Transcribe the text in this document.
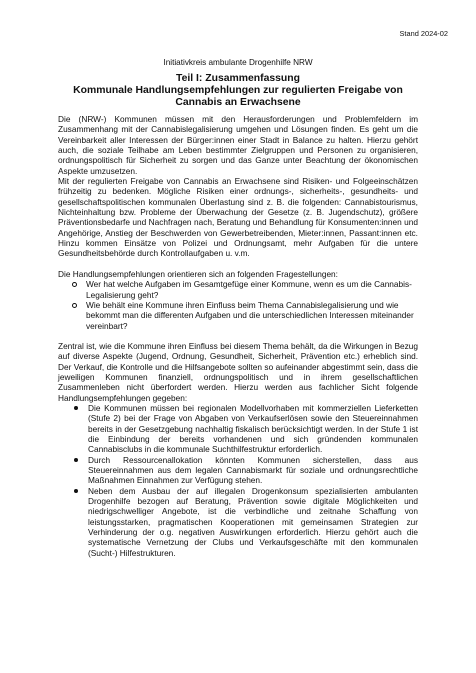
Stand 2024-02
Initiativkreis ambulante Drogenhilfe NRW
Teil I: Zusammenfassung
Kommunale Handlungsempfehlungen zur regulierten Freigabe von
Cannabis an Erwachsene

Die (NRW-) Kommunen müssen mit den Herausforderungen und Problemfeldern im Zusammenhang mit der Cannabislegalisierung umgehen und Lösungen finden. Es geht um die Vereinbarkeit aller Interessen der Bürger:innen einer Stadt in Balance zu halten. Hierzu gehört auch, die soziale Teilhabe am Leben bestimmter Zielgruppen und Personen zu organisieren, ordnungspolitisch für Sicherheit zu sorgen und das Ganze unter Beachtung der ökonomischen Aspekte umzusetzen.

Mit der regulierten Freigabe von Cannabis an Erwachsene sind Risiken- und Folgeeinschätzen frühzeitig zu bedenken. Mögliche Risiken einer ordnungs-, sicherheits-, gesundheits- und gesellschaftspolitischen kommunalen Überlastung sind z. B. die folgenden: Cannabistourismus, Nichteinhaltung bzw. Probleme der Überwachung der Gesetze (z. B. Jugendschutz), größere Präventionsbedarfe und Nachfragen nach, Beratung und Behandlung für Konsumenten:innen und Angehörige, Anstieg der Beschwerden von Gewerbetreibenden, Mieter:innen, Passant:innen etc. Hinzu kommen Einsätze von Polizei und Ordnungsamt, mehr Aufgaben für die untere Gesundheitsbehörde durch Kontrollaufgaben u. v.m.

Die Handlungsempfehlungen orientieren sich an folgenden Fragestellungen:

Wer hat welche Aufgaben im Gesamtgefüge einer Kommune, wenn es um die Cannabis-Legalisierung geht?
Wie behält eine Kommune ihren Einfluss beim Thema Cannabislegalisierung und wie bekommt man die differenten Aufgaben und die unterschiedlichen Interessen miteinander vereinbart?

Zentral ist, wie die Kommune ihren Einfluss bei diesem Thema behält, da die Wirkungen in Bezug auf diverse Aspekte (Jugend, Ordnung, Gesundheit, Sicherheit, Prävention etc.) erheblich sind. Der Verkauf, die Kontrolle und die Hilfsangebote sollten so aufeinander abgestimmt sein, dass die jeweiligen Kommunen finanziell, ordnungspolitisch und in ihrem gesellschaftlichen Zusammenleben nicht überfordert werden. Hierzu werden aus fachlicher Sicht folgende Handlungsempfehlungen gegeben:

Die Kommunen müssen bei regionalen Modellvorhaben mit kommerziellen Lieferketten (Stufe 2) bei der Frage von Abgaben von Verkaufserlösen sowie den Steuereinnahmen bereits in der Gesetzgebung nachhaltig fiskalisch berücksichtigt werden. In der Stufe 1 ist die Einbindung der bereits vorhandenen und sich gründenden kommunalen Cannabisclubs in die kommunale Suchthilfestruktur erforderlich.
Durch Ressourcenallokation könnten Kommunen sicherstellen, dass aus Steuereinnahmen aus dem legalen Cannabismarkt für soziale und ordnungsrechtliche Maßnahmen Einnahmen zur Verfügung stehen.
Neben dem Ausbau der auf illegalen Drogenkonsum spezialisierten ambulanten Drogenhilfe bezogen auf Beratung, Prävention sowie digitale Möglichkeiten und niedrigschwelliger Angebote, ist die verbindliche und zeitnahe Schaffung von leistungsstarken, pragmatischen Kooperationen mit gemeinsamen Strategien zur Verhinderung der o.g. negativen Auswirkungen erforderlich. Hierzu gehört auch die systematische Vernetzung der Clubs und Verkaufsgeschäfte mit den kommunalen (Sucht-) Hilfestrukturen.
